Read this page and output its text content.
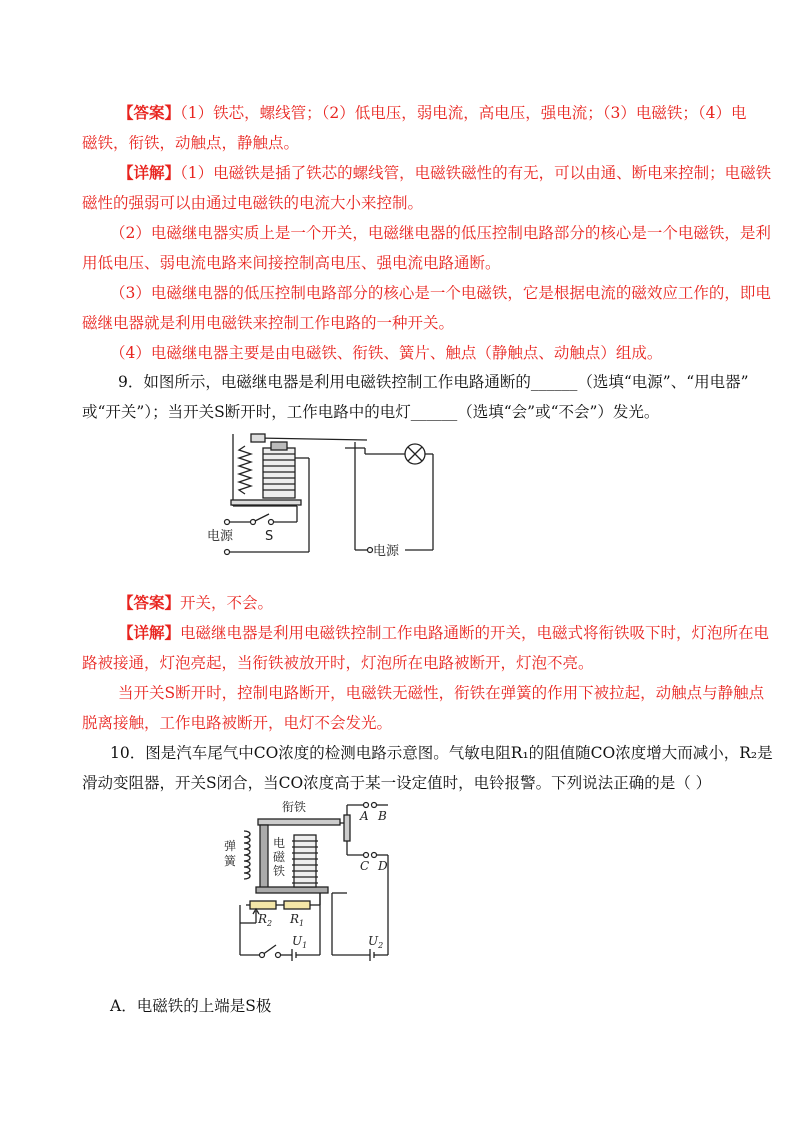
【答案】（1）铁芯，螺线管；（2）低电压，弱电流，高电压，强电流；（3）电磁铁；（4）电
磁铁，衔铁，动触点，静触点。
【详解】（1）电磁铁是插了铁芯的螺线管，电磁铁磁性的有无，可以由通、断电来控制；电磁铁
磁性的强弱可以由通过电磁铁的电流大小来控制。
（2）电磁继电器实质上是一个开关，电磁继电器的低压控制电路部分的核心是一个电磁铁，是利
用低电压、弱电流电路来间接控制高电压、强电流电路通断。
（3）电磁继电器的低压控制电路部分的核心是一个电磁铁，它是根据电流的磁效应工作的，即电
磁继电器就是利用电磁铁来控制工作电路的一种开关。
（4）电磁继电器主要是由电磁铁、衔铁、簧片、触点（静触点、动触点）组成。
9．如图所示，电磁继电器是利用电磁铁控制工作电路通断的______（选填“电源”、“用电器”
或“开关”）；当开关S断开时，工作电路中的电灯______（选填“会”或“不会”）发光。
电源 S
电源
【答案】开关，不会。
【详解】电磁继电器是利用电磁铁控制工作电路通断的开关，电磁式将衔铁吸下时，灯泡所在电
路被接通，灯泡亮起，当衔铁被放开时，灯泡所在电路被断开，灯泡不亮。
当开关S断开时，控制电路断开，电磁铁无磁性，衔铁在弹簧的作用下被拉起，动触点与静触点
脱离接触，工作电路被断开，电灯不会发光。
10．图是汽车尾气中CO浓度的检测电路示意图。气敏电阻R₁的阻值随CO浓度增大而减小，R₂是
滑动变阻器，开关S闭合，当CO浓度高于某一设定值时，电铃报警。下列说法正确的是（ ）
衔铁
弹
簧
电
磁
铁
A B
C D
$R_2$ $R_1$
$U_1$	$U_2$
A．电磁铁的上端是S极
